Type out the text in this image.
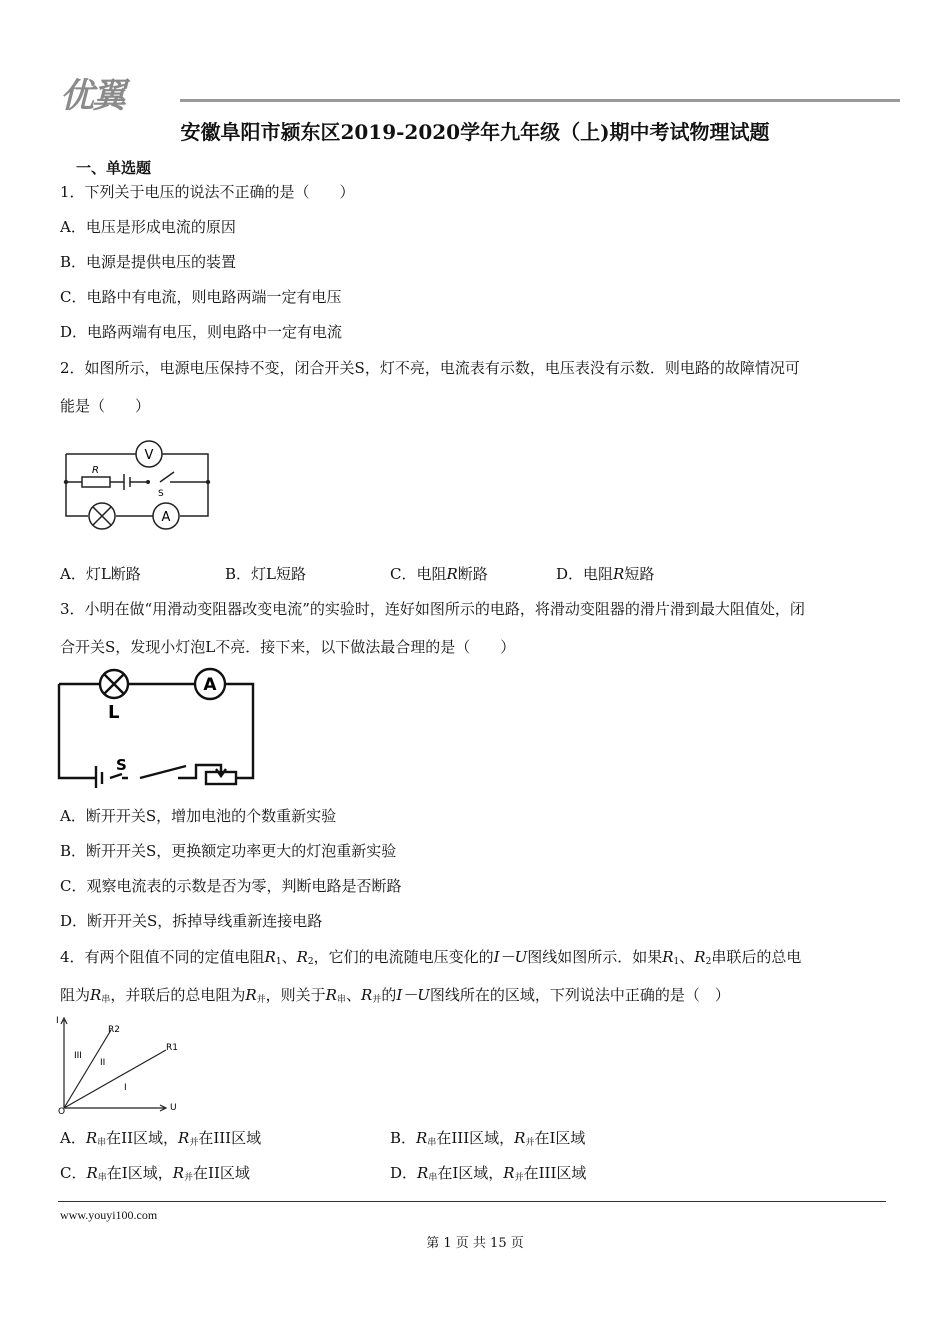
优翼
安徽阜阳市颍东区2019-2020学年九年级（上)期中考试物理试题
一、单选题
1．下列关于电压的说法不正确的是（　　）
A．电压是形成电流的原因
B．电源是提供电压的装置
C．电路中有电流，则电路两端一定有电压
D．电路两端有电压，则电路中一定有电流
2．如图所示，电源电压保持不变，闭合开关S，灯不亮，电流表有示数，电压表没有示数．则电路的故障情况可
能是（　　）
V
A
R
S
A．灯L断路	B．灯L短路	C．电阻R断路	D．电阻R短路
3．小明在做“用滑动变阻器改变电流”的实验时，连好如图所示的电路，将滑动变阻器的滑片滑到最大阻值处，闭
合开关S，发现小灯泡L不亮．接下来，以下做法最合理的是（　　）
A
L
S
A．断开开关S，增加电池的个数重新实验
B．断开开关S，更换额定功率更大的灯泡重新实验
C．观察电流表的示数是否为零，判断电路是否断路
D．断开开关S，拆掉导线重新连接电路
4．有两个阻值不同的定值电阻$R_1$、$R_2$，它们的电流随电压变化的I－U图线如图所示．如果$R_1$、$R_2$串联后的总电
阻为$R_串$，并联后的总电阻为$R_并$，则关于$R_串$、$R_并$的I－U图线所在的区域，下列说法中正确的是（　）
I
U
O
R2
R1
III
II
I
A．$R_串$在II区域，$R_并$在III区域	B．$R_串$在III区域，$R_并$在I区域
C．$R_串$在I区域，$R_并$在II区域	D．$R_串$在I区域，$R_并$在III区域
www.youyi100.com
第 1 页 共 15 页
